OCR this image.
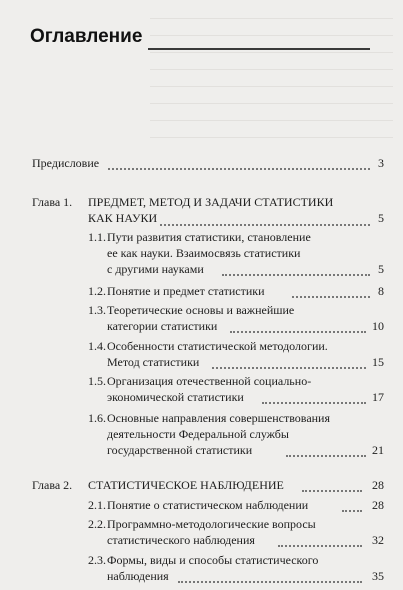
Оглавление
Предисловие	3
Глава 1. ПРЕДМЕТ, МЕТОД И ЗАДАЧИ СТАТИСТИКИ
КАК НАУКИ	5
1.1. Пути развития статистики, становление
ее как науки. Взаимосвязь статистики
с другими науками	5
1.2. Понятие и предмет статистики	8
1.3. Теоретические основы и важнейшие
категории статистики	10
1.4. Особенности статистической методологии.
Метод статистики	15
1.5. Организация отечественной социально-
экономической статистики	17
1.6. Основные направления совершенствования
деятельности Федеральной службы
государственной статистики	21
Глава 2. СТАТИСТИЧЕСКОЕ НАБЛЮДЕНИЕ	28
2.1. Понятие о статистическом наблюдении	28
2.2. Программно-методологические вопросы
статистического наблюдения	32
2.3. Формы, виды и способы статистического
наблюдения	35
